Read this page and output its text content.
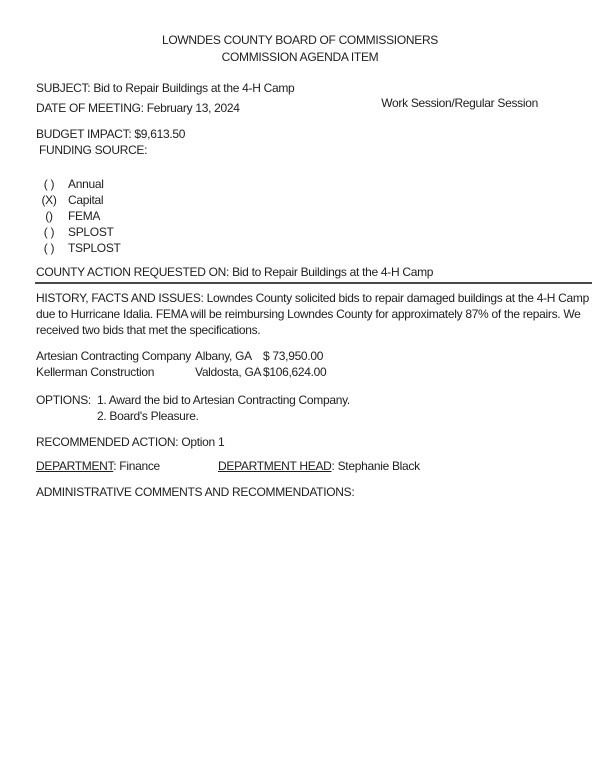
LOWNDES COUNTY BOARD OF COMMISSIONERS
COMMISSION AGENDA ITEM
SUBJECT: Bid to Repair Buildings at the 4-H Camp
DATE OF MEETING: February 13, 2024	Work Session/Regular Session
BUDGET IMPACT: $9,613.50
FUNDING SOURCE:
( ) Annual
(X) Capital
() FEMA
( ) SPLOST
( ) TSPLOST
COUNTY ACTION REQUESTED ON: Bid to Repair Buildings at the 4-H Camp

HISTORY, FACTS AND ISSUES: Lowndes County solicited bids to repair damaged buildings at the 4-H Camp due to Hurricane Idalia. FEMA will be reimbursing Lowndes County for approximately 87% of the repairs. We received two bids that met the specifications.

Artesian Contracting Company Albany, GA $ 73,950.00
Kellerman Construction	Valdosta, GA $106,624.00
OPTIONS: 1. Award the bid to Artesian Contracting Company.
2. Board's Pleasure.
RECOMMENDED ACTION: Option 1
DEPARTMENT: Finance	DEPARTMENT HEAD: Stephanie Black
ADMINISTRATIVE COMMENTS AND RECOMMENDATIONS:
